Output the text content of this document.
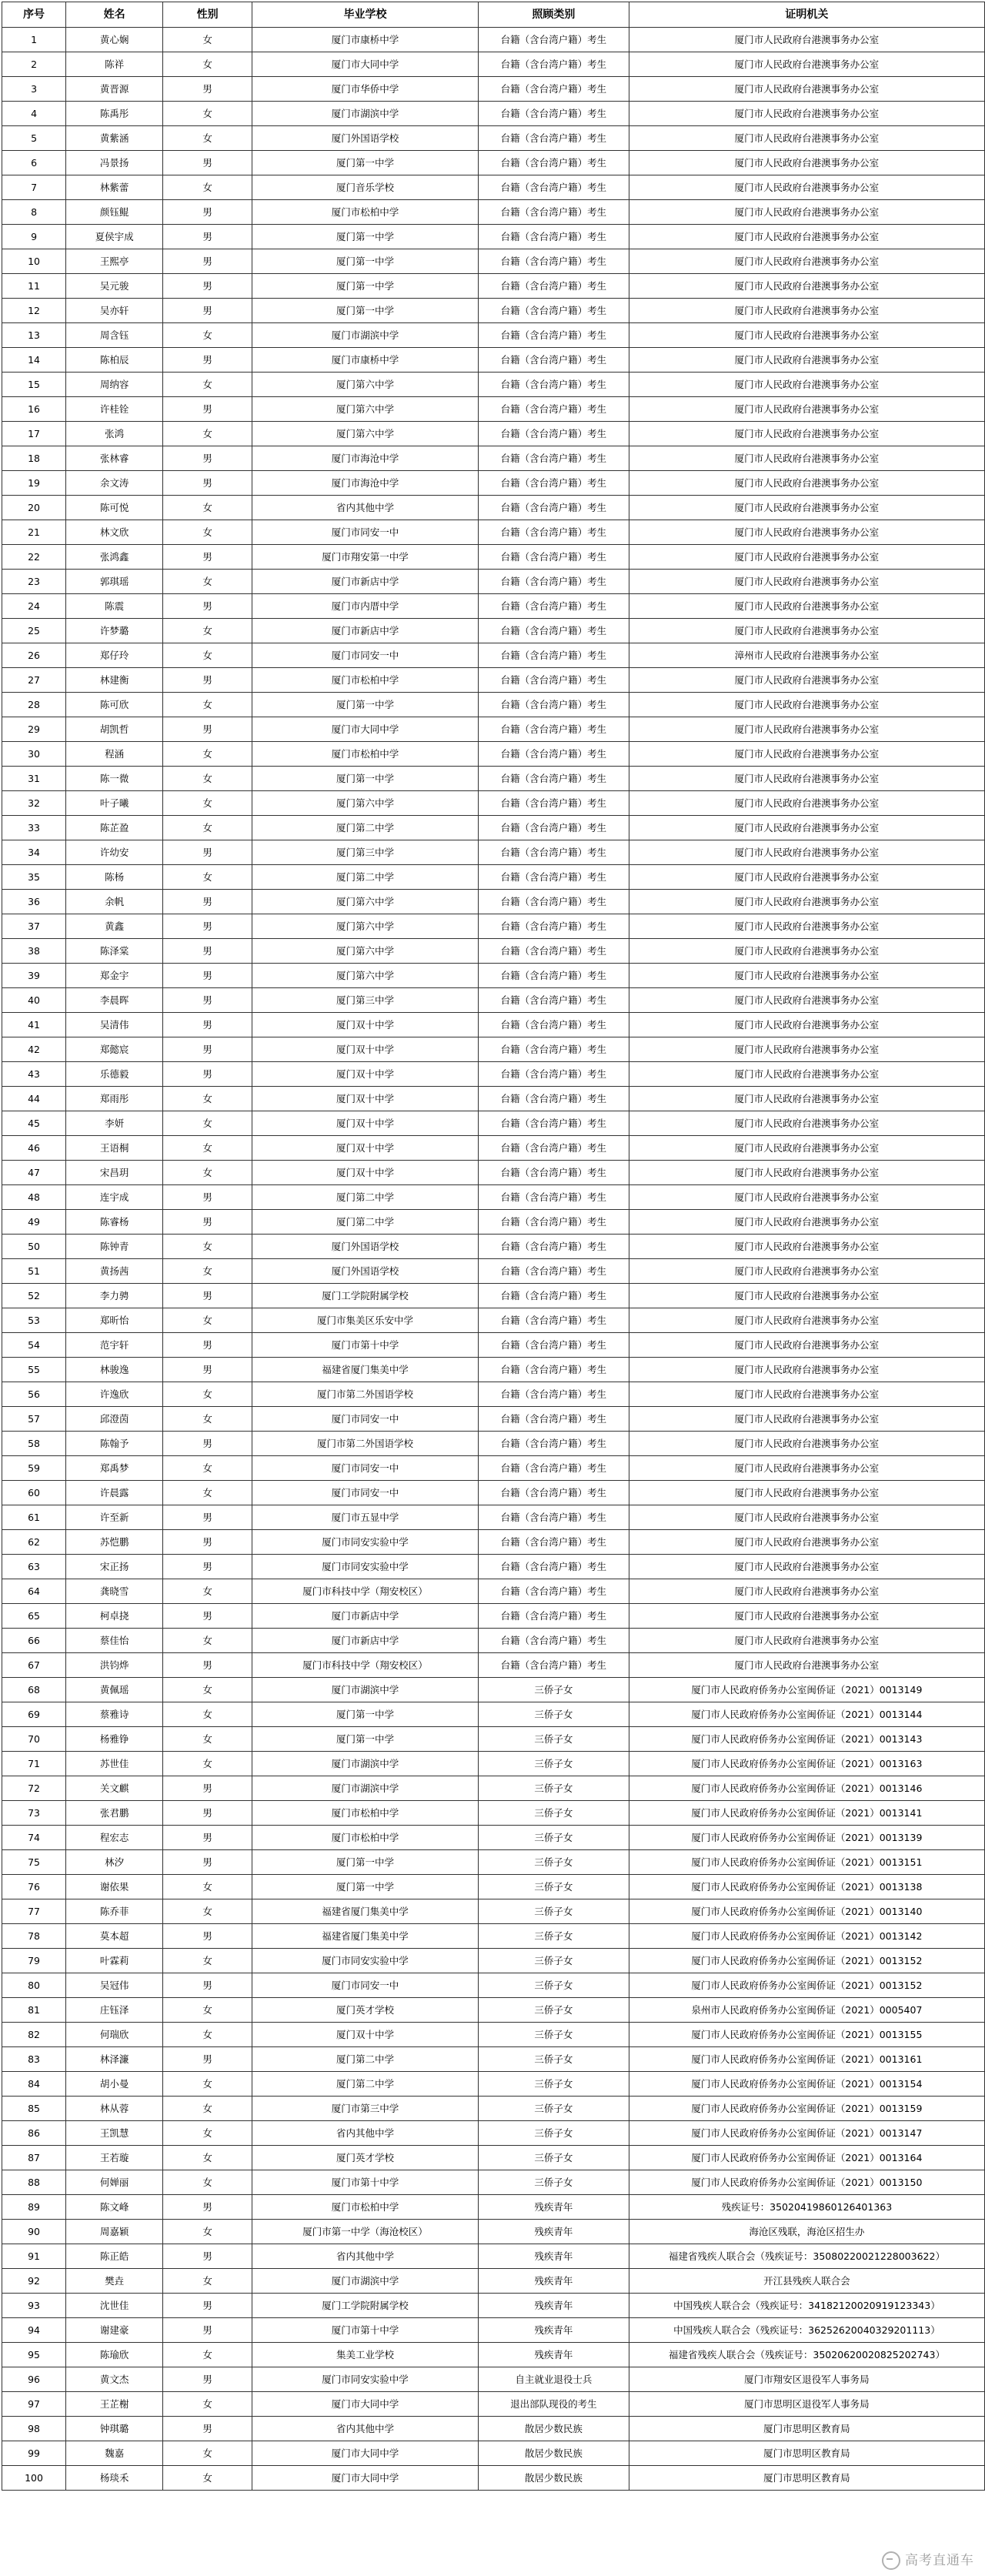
序号	姓名	性别	毕业学校	照顾类别	证明机关
1	黄心娴	女	厦门市康桥中学	台籍（含台湾户籍）考生	厦门市人民政府台港澳事务办公室
2	陈祥	女	厦门市大同中学	台籍（含台湾户籍）考生	厦门市人民政府台港澳事务办公室
3	黄晋源	男	厦门市华侨中学	台籍（含台湾户籍）考生	厦门市人民政府台港澳事务办公室
4	陈禹彤	女	厦门市湖滨中学	台籍（含台湾户籍）考生	厦门市人民政府台港澳事务办公室
5	黄紫涵	女	厦门外国语学校	台籍（含台湾户籍）考生	厦门市人民政府台港澳事务办公室
6	冯景扬	男	厦门第一中学	台籍（含台湾户籍）考生	厦门市人民政府台港澳事务办公室
7	林紫蕾	女	厦门音乐学校	台籍（含台湾户籍）考生	厦门市人民政府台港澳事务办公室
8	颜钰鲲	男	厦门市松柏中学	台籍（含台湾户籍）考生	厦门市人民政府台港澳事务办公室
9	夏侯宇成	男	厦门第一中学	台籍（含台湾户籍）考生	厦门市人民政府台港澳事务办公室
10	王熙亭	男	厦门第一中学	台籍（含台湾户籍）考生	厦门市人民政府台港澳事务办公室
11	吴元骏	男	厦门第一中学	台籍（含台湾户籍）考生	厦门市人民政府台港澳事务办公室
12	吴亦轩	男	厦门第一中学	台籍（含台湾户籍）考生	厦门市人民政府台港澳事务办公室
13	周含钰	女	厦门市湖滨中学	台籍（含台湾户籍）考生	厦门市人民政府台港澳事务办公室
14	陈柏辰	男	厦门市康桥中学	台籍（含台湾户籍）考生	厦门市人民政府台港澳事务办公室
15	周纳容	女	厦门第六中学	台籍（含台湾户籍）考生	厦门市人民政府台港澳事务办公室
16	许桂铨	男	厦门第六中学	台籍（含台湾户籍）考生	厦门市人民政府台港澳事务办公室
17	张鸿	女	厦门第六中学	台籍（含台湾户籍）考生	厦门市人民政府台港澳事务办公室
18	张林睿	男	厦门市海沧中学	台籍（含台湾户籍）考生	厦门市人民政府台港澳事务办公室
19	余文涛	男	厦门市海沧中学	台籍（含台湾户籍）考生	厦门市人民政府台港澳事务办公室
20	陈可悦	女	省内其他中学	台籍（含台湾户籍）考生	厦门市人民政府台港澳事务办公室
21	林文欣	女	厦门市同安一中	台籍（含台湾户籍）考生	厦门市人民政府台港澳事务办公室
22	张鸿鑫	男	厦门市翔安第一中学	台籍（含台湾户籍）考生	厦门市人民政府台港澳事务办公室
23	郭琪瑶	女	厦门市新店中学	台籍（含台湾户籍）考生	厦门市人民政府台港澳事务办公室
24	陈震	男	厦门市内厝中学	台籍（含台湾户籍）考生	厦门市人民政府台港澳事务办公室
25	许梦璐	女	厦门市新店中学	台籍（含台湾户籍）考生	厦门市人民政府台港澳事务办公室
26	郑仔玲	女	厦门市同安一中	台籍（含台湾户籍）考生	漳州市人民政府台港澳事务办公室
27	林建衡	男	厦门市松柏中学	台籍（含台湾户籍）考生	厦门市人民政府台港澳事务办公室
28	陈可欣	女	厦门第一中学	台籍（含台湾户籍）考生	厦门市人民政府台港澳事务办公室
29	胡凯哲	男	厦门市大同中学	台籍（含台湾户籍）考生	厦门市人民政府台港澳事务办公室
30	程涵	女	厦门市松柏中学	台籍（含台湾户籍）考生	厦门市人民政府台港澳事务办公室
31	陈一微	女	厦门第一中学	台籍（含台湾户籍）考生	厦门市人民政府台港澳事务办公室
32	叶子曦	女	厦门第六中学	台籍（含台湾户籍）考生	厦门市人民政府台港澳事务办公室
33	陈芷盈	女	厦门第二中学	台籍（含台湾户籍）考生	厦门市人民政府台港澳事务办公室
34	许幼安	男	厦门第三中学	台籍（含台湾户籍）考生	厦门市人民政府台港澳事务办公室
35	陈杨	女	厦门第二中学	台籍（含台湾户籍）考生	厦门市人民政府台港澳事务办公室
36	余帆	男	厦门第六中学	台籍（含台湾户籍）考生	厦门市人民政府台港澳事务办公室
37	黄鑫	男	厦门第六中学	台籍（含台湾户籍）考生	厦门市人民政府台港澳事务办公室
38	陈泽棠	男	厦门第六中学	台籍（含台湾户籍）考生	厦门市人民政府台港澳事务办公室
39	郑金宇	男	厦门第六中学	台籍（含台湾户籍）考生	厦门市人民政府台港澳事务办公室
40	李晨晖	男	厦门第三中学	台籍（含台湾户籍）考生	厦门市人民政府台港澳事务办公室
41	吴清伟	男	厦门双十中学	台籍（含台湾户籍）考生	厦门市人民政府台港澳事务办公室
42	郑懿宸	男	厦门双十中学	台籍（含台湾户籍）考生	厦门市人民政府台港澳事务办公室
43	乐德毅	男	厦门双十中学	台籍（含台湾户籍）考生	厦门市人民政府台港澳事务办公室
44	郑雨彤	女	厦门双十中学	台籍（含台湾户籍）考生	厦门市人民政府台港澳事务办公室
45	李妍	女	厦门双十中学	台籍（含台湾户籍）考生	厦门市人民政府台港澳事务办公室
46	王语桐	女	厦门双十中学	台籍（含台湾户籍）考生	厦门市人民政府台港澳事务办公室
47	宋昌玥	女	厦门双十中学	台籍（含台湾户籍）考生	厦门市人民政府台港澳事务办公室
48	连宇成	男	厦门第二中学	台籍（含台湾户籍）考生	厦门市人民政府台港澳事务办公室
49	陈睿杨	男	厦门第二中学	台籍（含台湾户籍）考生	厦门市人民政府台港澳事务办公室
50	陈钟青	女	厦门外国语学校	台籍（含台湾户籍）考生	厦门市人民政府台港澳事务办公室
51	黄扬茜	女	厦门外国语学校	台籍（含台湾户籍）考生	厦门市人民政府台港澳事务办公室
52	李力骋	男	厦门工学院附属学校	台籍（含台湾户籍）考生	厦门市人民政府台港澳事务办公室
53	郑昕怡	女	厦门市集美区乐安中学	台籍（含台湾户籍）考生	厦门市人民政府台港澳事务办公室
54	范宇轩	男	厦门市第十中学	台籍（含台湾户籍）考生	厦门市人民政府台港澳事务办公室
55	林骏逸	男	福建省厦门集美中学	台籍（含台湾户籍）考生	厦门市人民政府台港澳事务办公室
56	许逸欣	女	厦门市第二外国语学校	台籍（含台湾户籍）考生	厦门市人民政府台港澳事务办公室
57	邱澄茵	女	厦门市同安一中	台籍（含台湾户籍）考生	厦门市人民政府台港澳事务办公室
58	陈翰予	男	厦门市第二外国语学校	台籍（含台湾户籍）考生	厦门市人民政府台港澳事务办公室
59	郑禹梦	女	厦门市同安一中	台籍（含台湾户籍）考生	厦门市人民政府台港澳事务办公室
60	许晨露	女	厦门市同安一中	台籍（含台湾户籍）考生	厦门市人民政府台港澳事务办公室
61	许至新	男	厦门市五显中学	台籍（含台湾户籍）考生	厦门市人民政府台港澳事务办公室
62	苏恺鹏	男	厦门市同安实验中学	台籍（含台湾户籍）考生	厦门市人民政府台港澳事务办公室
63	宋正扬	男	厦门市同安实验中学	台籍（含台湾户籍）考生	厦门市人民政府台港澳事务办公室
64	龚晓雪	女	厦门市科技中学（翔安校区）	台籍（含台湾户籍）考生	厦门市人民政府台港澳事务办公室
65	柯卓挠	男	厦门市新店中学	台籍（含台湾户籍）考生	厦门市人民政府台港澳事务办公室
66	蔡佳怡	女	厦门市新店中学	台籍（含台湾户籍）考生	厦门市人民政府台港澳事务办公室
67	洪钧烨	男	厦门市科技中学（翔安校区）	台籍（含台湾户籍）考生	厦门市人民政府台港澳事务办公室
68	黄佩瑶	女	厦门市湖滨中学	三侨子女	厦门市人民政府侨务办公室闽侨证（2021）0013149
69	蔡雅诗	女	厦门第一中学	三侨子女	厦门市人民政府侨务办公室闽侨证（2021）0013144
70	杨雅铮	女	厦门第一中学	三侨子女	厦门市人民政府侨务办公室闽侨证（2021）0013143
71	苏世佳	女	厦门市湖滨中学	三侨子女	厦门市人民政府侨务办公室闽侨证（2021）0013163
72	关文麒	男	厦门市湖滨中学	三侨子女	厦门市人民政府侨务办公室闽侨证（2021）0013146
73	张君鹏	男	厦门市松柏中学	三侨子女	厦门市人民政府侨务办公室闽侨证（2021）0013141
74	程宏志	男	厦门市松柏中学	三侨子女	厦门市人民政府侨务办公室闽侨证（2021）0013139
75	林汐	男	厦门第一中学	三侨子女	厦门市人民政府侨务办公室闽侨证（2021）0013151
76	谢依果	女	厦门第一中学	三侨子女	厦门市人民政府侨务办公室闽侨证（2021）0013138
77	陈乔菲	女	福建省厦门集美中学	三侨子女	厦门市人民政府侨务办公室闽侨证（2021）0013140
78	莫本超	男	福建省厦门集美中学	三侨子女	厦门市人民政府侨务办公室闽侨证（2021）0013142
79	叶霖莉	女	厦门市同安实验中学	三侨子女	厦门市人民政府侨务办公室闽侨证（2021）0013152
80	吴冠伟	男	厦门市同安一中	三侨子女	厦门市人民政府侨务办公室闽侨证（2021）0013152
81	庄钰泽	女	厦门英才学校	三侨子女	泉州市人民政府侨务办公室闽侨证（2021）0005407
82	何瑞欣	女	厦门双十中学	三侨子女	厦门市人民政府侨务办公室闽侨证（2021）0013155
83	林泽濂	男	厦门第二中学	三侨子女	厦门市人民政府侨务办公室闽侨证（2021）0013161
84	胡小曼	女	厦门第二中学	三侨子女	厦门市人民政府侨务办公室闽侨证（2021）0013154
85	林从蓉	女	厦门市第三中学	三侨子女	厦门市人民政府侨务办公室闽侨证（2021）0013159
86	王凯慧	女	省内其他中学	三侨子女	厦门市人民政府侨务办公室闽侨证（2021）0013147
87	王若璇	女	厦门英才学校	三侨子女	厦门市人民政府侨务办公室闽侨证（2021）0013164
88	何婵丽	女	厦门市第十中学	三侨子女	厦门市人民政府侨务办公室闽侨证（2021）0013150
89	陈文峰	男	厦门市松柏中学	残疾青年	残疾证号：35020419860126401363
90	周嘉颖	女	厦门市第一中学（海沧校区）	残疾青年	海沧区残联，海沧区招生办
91	陈正皓	男	省内其他中学	残疾青年	福建省残疾人联合会（残疾证号：35080220021228003622）
92	樊垚	女	厦门市湖滨中学	残疾青年	开江县残疾人联合会
93	沈世佳	男	厦门工学院附属学校	残疾青年	中国残疾人联合会（残疾证号：34182120020919123343）
94	谢建豪	男	厦门市第十中学	残疾青年	中国残疾人联合会（残疾证号：36252620040329201113）
95	陈瑜欣	女	集美工业学校	残疾青年	福建省残疾人联合会（残疾证号：35020620020825202743）
96	黄文杰	男	厦门市同安实验中学	自主就业退役士兵	厦门市翔安区退役军人事务局
97	王芷榭	女	厦门市大同中学	退出部队现役的考生	厦门市思明区退役军人事务局
98	钟琪璐	男	省内其他中学	散居少数民族	厦门市思明区教育局
99	魏嘉	女	厦门市大同中学	散居少数民族	厦门市思明区教育局
100	杨琰禾	女	厦门市大同中学	散居少数民族	厦门市思明区教育局
高考直通车
